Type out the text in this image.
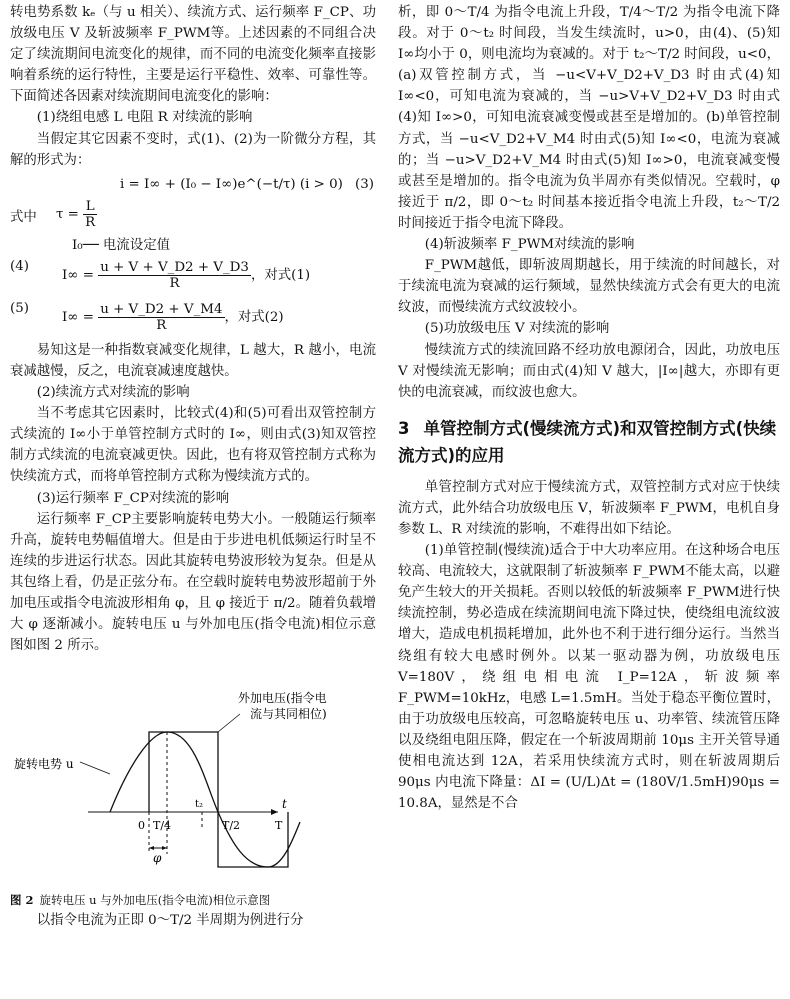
转电势系数 kₑ（与 u 相关）、续流方式、运行频率 F_CP、功放级电压 V 及斩波频率 F_PWM等。上述因素的不同组合决定了续流期间电流变化的规律，而不同的电流变化频率直接影响着系统的运行特性，主要是运行平稳性、效率、可靠性等。下面简述各因素对续流期间电流变化的影响：

(1)绕组电感 L 电阻 R 对续流的影响

当假定其它因素不变时，式(1)、(2)为一阶微分方程，其解的形式为：

i = I∞ + (I₀ − I∞)e^(−t/τ) (i > 0) (3)
式中 $\tau = \frac{L}{R}$

I₀── 电流设定值

$I\infty = \frac{u + V + V\_D2 + V\_D3}{R}$ ，对式(1)
(4)
$I\infty = \frac{u + V\_D2 + V\_M4}{R}$ ，对式(2)
(5)

易知这是一种指数衰减变化规律，L 越大，R 越小，电流衰减越慢，反之，电流衰减速度越快。

(2)续流方式对续流的影响

当不考虑其它因素时，比较式(4)和(5)可看出双管控制方式续流的 I∞小于单管控制方式时的 I∞，则由式(3)知双管控制方式续流的电流衰减更快。因此，也有将双管控制方式称为快续流方式，而将单管控制方式称为慢续流方式的。

(3)运行频率 F_CP对续流的影响

运行频率 F_CP主要影响旋转电势大小。一般随运行频率升高，旋转电势幅值增大。但是由于步进电机低频运行时呈不连续的步进运行状态。因此其旋转电势波形较为复杂。但是从其包络上看，仍是正弦分布。在空载时旋转电势波形超前于外加电压或指令电流波形相角 φ，且 φ 接近于 π/2。随着负载增大 φ 逐渐减小。旋转电压 u 与外加电压(指令电流)相位示意图如图 2 所示。

外加电压(指令电
流与其同相位)
旋转电势 u
0
t
t₂
T/4	T/2	T
φ

图 2 旋转电压 u 与外加电压(指令电流)相位示意图

以指令电流为正即 0～T/2 半周期为例进行分

析，即 0～T/4 为指令电流上升段，T/4～T/2 为指令电流下降段。对于 0～t₂ 时间段，当发生续流时，u>0，由(4)、(5)知 I∞均小于 0，则电流均为衰减的。对于 t₂～T/2 时间段，u<0，(a)双管控制方式，当 −u<V+V_D2+V_D3 时由式(4)知 I∞<0，可知电流为衰减的，当 −u>V+V_D2+V_D3 时由式(4)知 I∞>0，可知电流衰减变慢或甚至是增加的。(b)单管控制方式，当 −u<V_D2+V_M4 时由式(5)知 I∞<0，电流为衰减的；当 −u>V_D2+V_M4 时由式(5)知 I∞>0，电流衰减变慢或甚至是增加的。指令电流为负半周亦有类似情况。空载时，φ 接近于 π/2，即 0～t₂ 时间基本接近指令电流上升段，t₂～T/2 时间接近于指令电流下降段。

(4)斩波频率 F_PWM对续流的影响

F_PWM越低，即斩波周期越长，用于续流的时间越长，对于续流电流为衰减的运行频域，显然快续流方式会有更大的电流纹波，而慢续流方式纹波较小。

(5)功放级电压 V 对续流的影响

慢续流方式的续流回路不经功放电源闭合，因此，功放电压 V 对慢续流无影响；而由式(4)知 V 越大，|I∞|越大，亦即有更快的电流衰减，而纹波也愈大。

3 单管控制方式(慢续流方式)和双管控制方式(快续流方式)的应用

单管控制方式对应于慢续流方式，双管控制方式对应于快续流方式，此外结合功放级电压 V，斩波频率 F_PWM，电机自身参数 L、R 对续流的影响，不难得出如下结论。

(1)单管控制(慢续流)适合于中大功率应用。在这种场合电压较高、电流较大，这就限制了斩波频率 F_PWM不能太高，以避免产生较大的开关损耗。否则以较低的斩波频率 F_PWM进行快续流控制，势必造成在续流期间电流下降过快，使绕组电流纹波增大，造成电机损耗增加，此外也不利于进行细分运行。当然当绕组有较大电感时例外。以某一驱动器为例，功放级电压 V=180V，绕组电相电流 I_P=12A，斩波频率 F_PWM=10kHz，电感 L=1.5mH。当处于稳态平衡位置时，由于功放级电压较高，可忽略旋转电压 u、功率管、续流管压降以及绕组电阻压降，假定在一个斩波周期前 10μs 主开关管导通使相电流达到 12A，若采用快续流方式时，则在斩波周期后 90μs 内电流下降量：ΔI = (U/L)Δt = (180V/1.5mH)90μs = 10.8A，显然是不合
